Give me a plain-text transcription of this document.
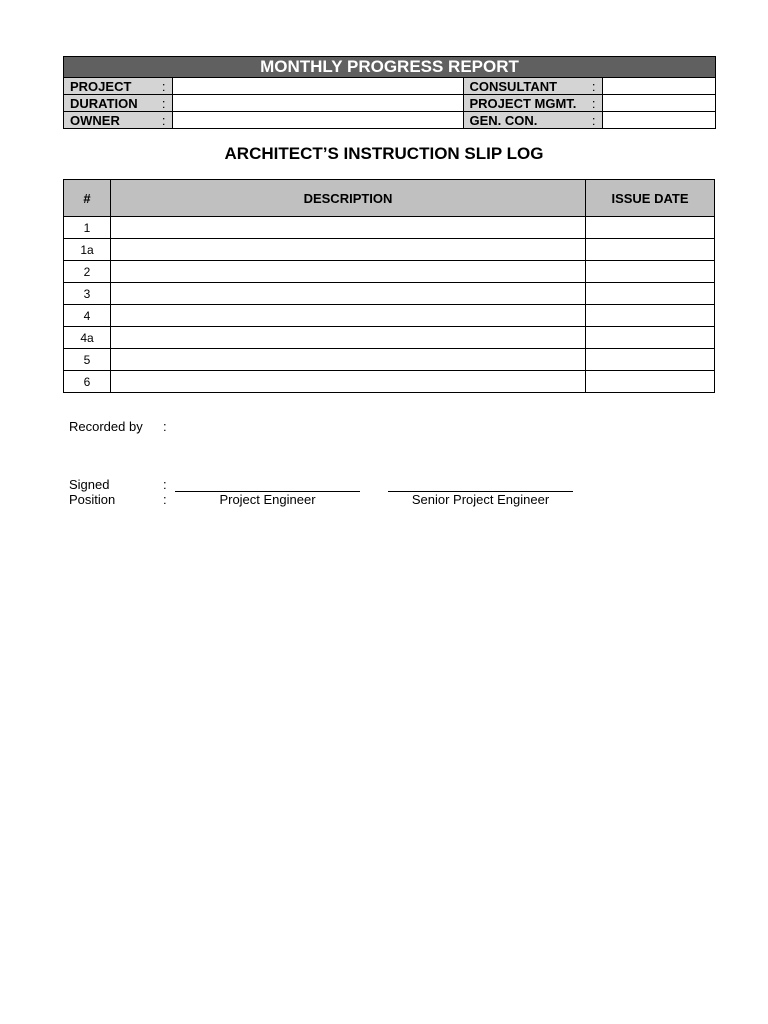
MONTHLY PROGRESS REPORT
PROJECT :		CONSULTANT :	

DURATION :		PROJECT MGMT. :	

OWNER :		GEN. CON. :	

ARCHITECT’S INSTRUCTION SLIP LOG
#	DESCRIPTION	ISSUE DATE
1		
1a		
2		
3		
4		
4a		
5		
6		
Recorded by :
Signed	:
Position	:	Project Engineer	Senior Project Engineer
